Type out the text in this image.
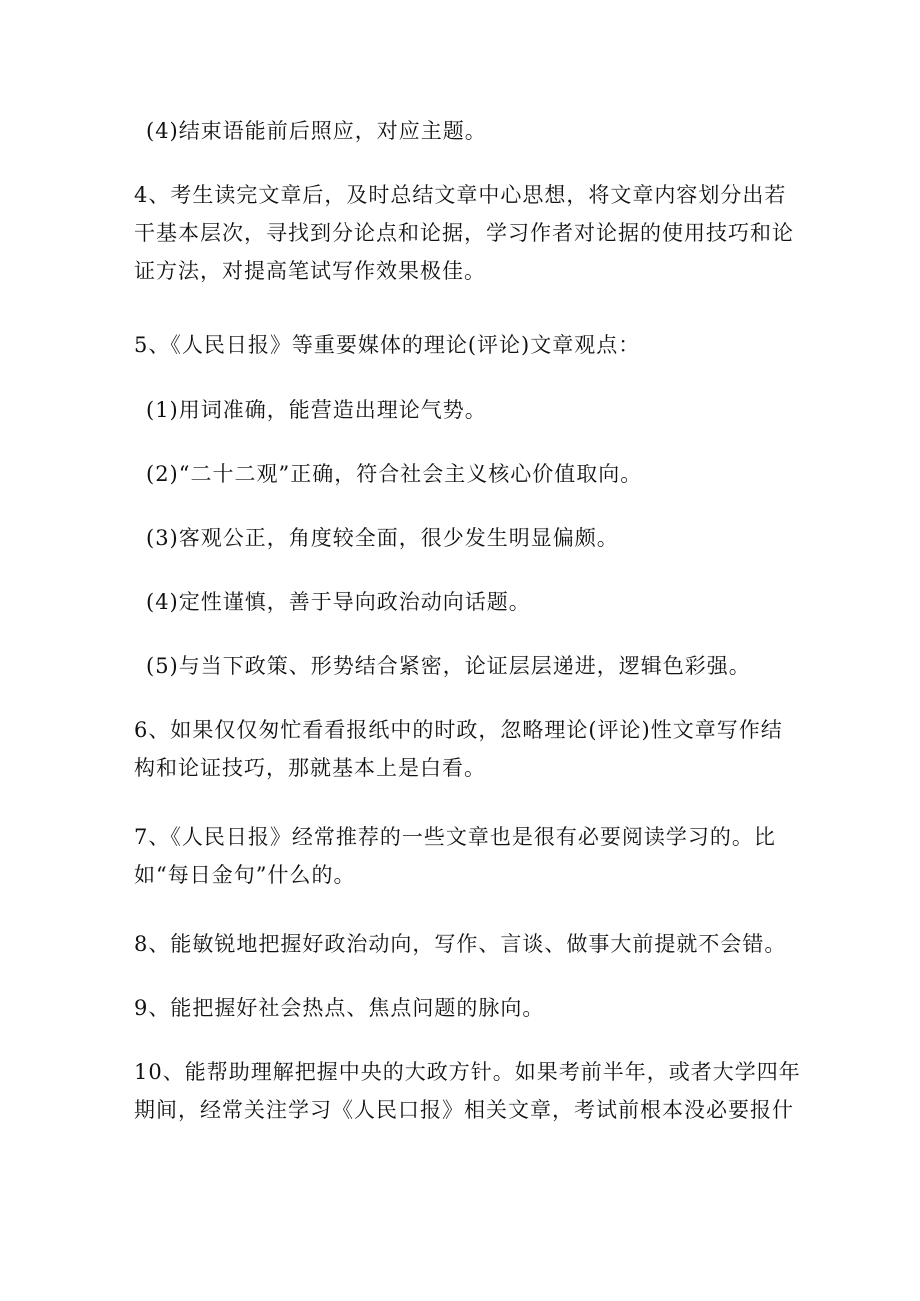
(4)结束语能前后照应，对应主题。

4、考生读完文章后，及时总结文章中心思想，将文章内容划分出若
干基本层次，寻找到分论点和论据，学习作者对论据的使用技巧和论
证方法，对提高笔试写作效果极佳。

5、《人民日报》等重要媒体的理论(评论)文章观点：

(1)用词准确，能营造出理论气势。

(2)“二十二观”正确，符合社会主义核心价值取向。

(3)客观公正，角度较全面，很少发生明显偏颇。

(4)定性谨慎，善于导向政治动向话题。

(5)与当下政策、形势结合紧密，论证层层递进，逻辑色彩强。

6、如果仅仅匆忙看看报纸中的时政，忽略理论(评论)性文章写作结
构和论证技巧，那就基本上是白看。

7、《人民日报》经常推荐的一些文章也是很有必要阅读学习的。比
如“每日金句”什么的。

8、能敏锐地把握好政治动向，写作、言谈、做事大前提就不会错。

9、能把握好社会热点、焦点问题的脉向。

10、能帮助理解把握中央的大政方针。如果考前半年，或者大学四年
期间，经常关注学习《人民口报》相关文章，考试前根本没必要报什
